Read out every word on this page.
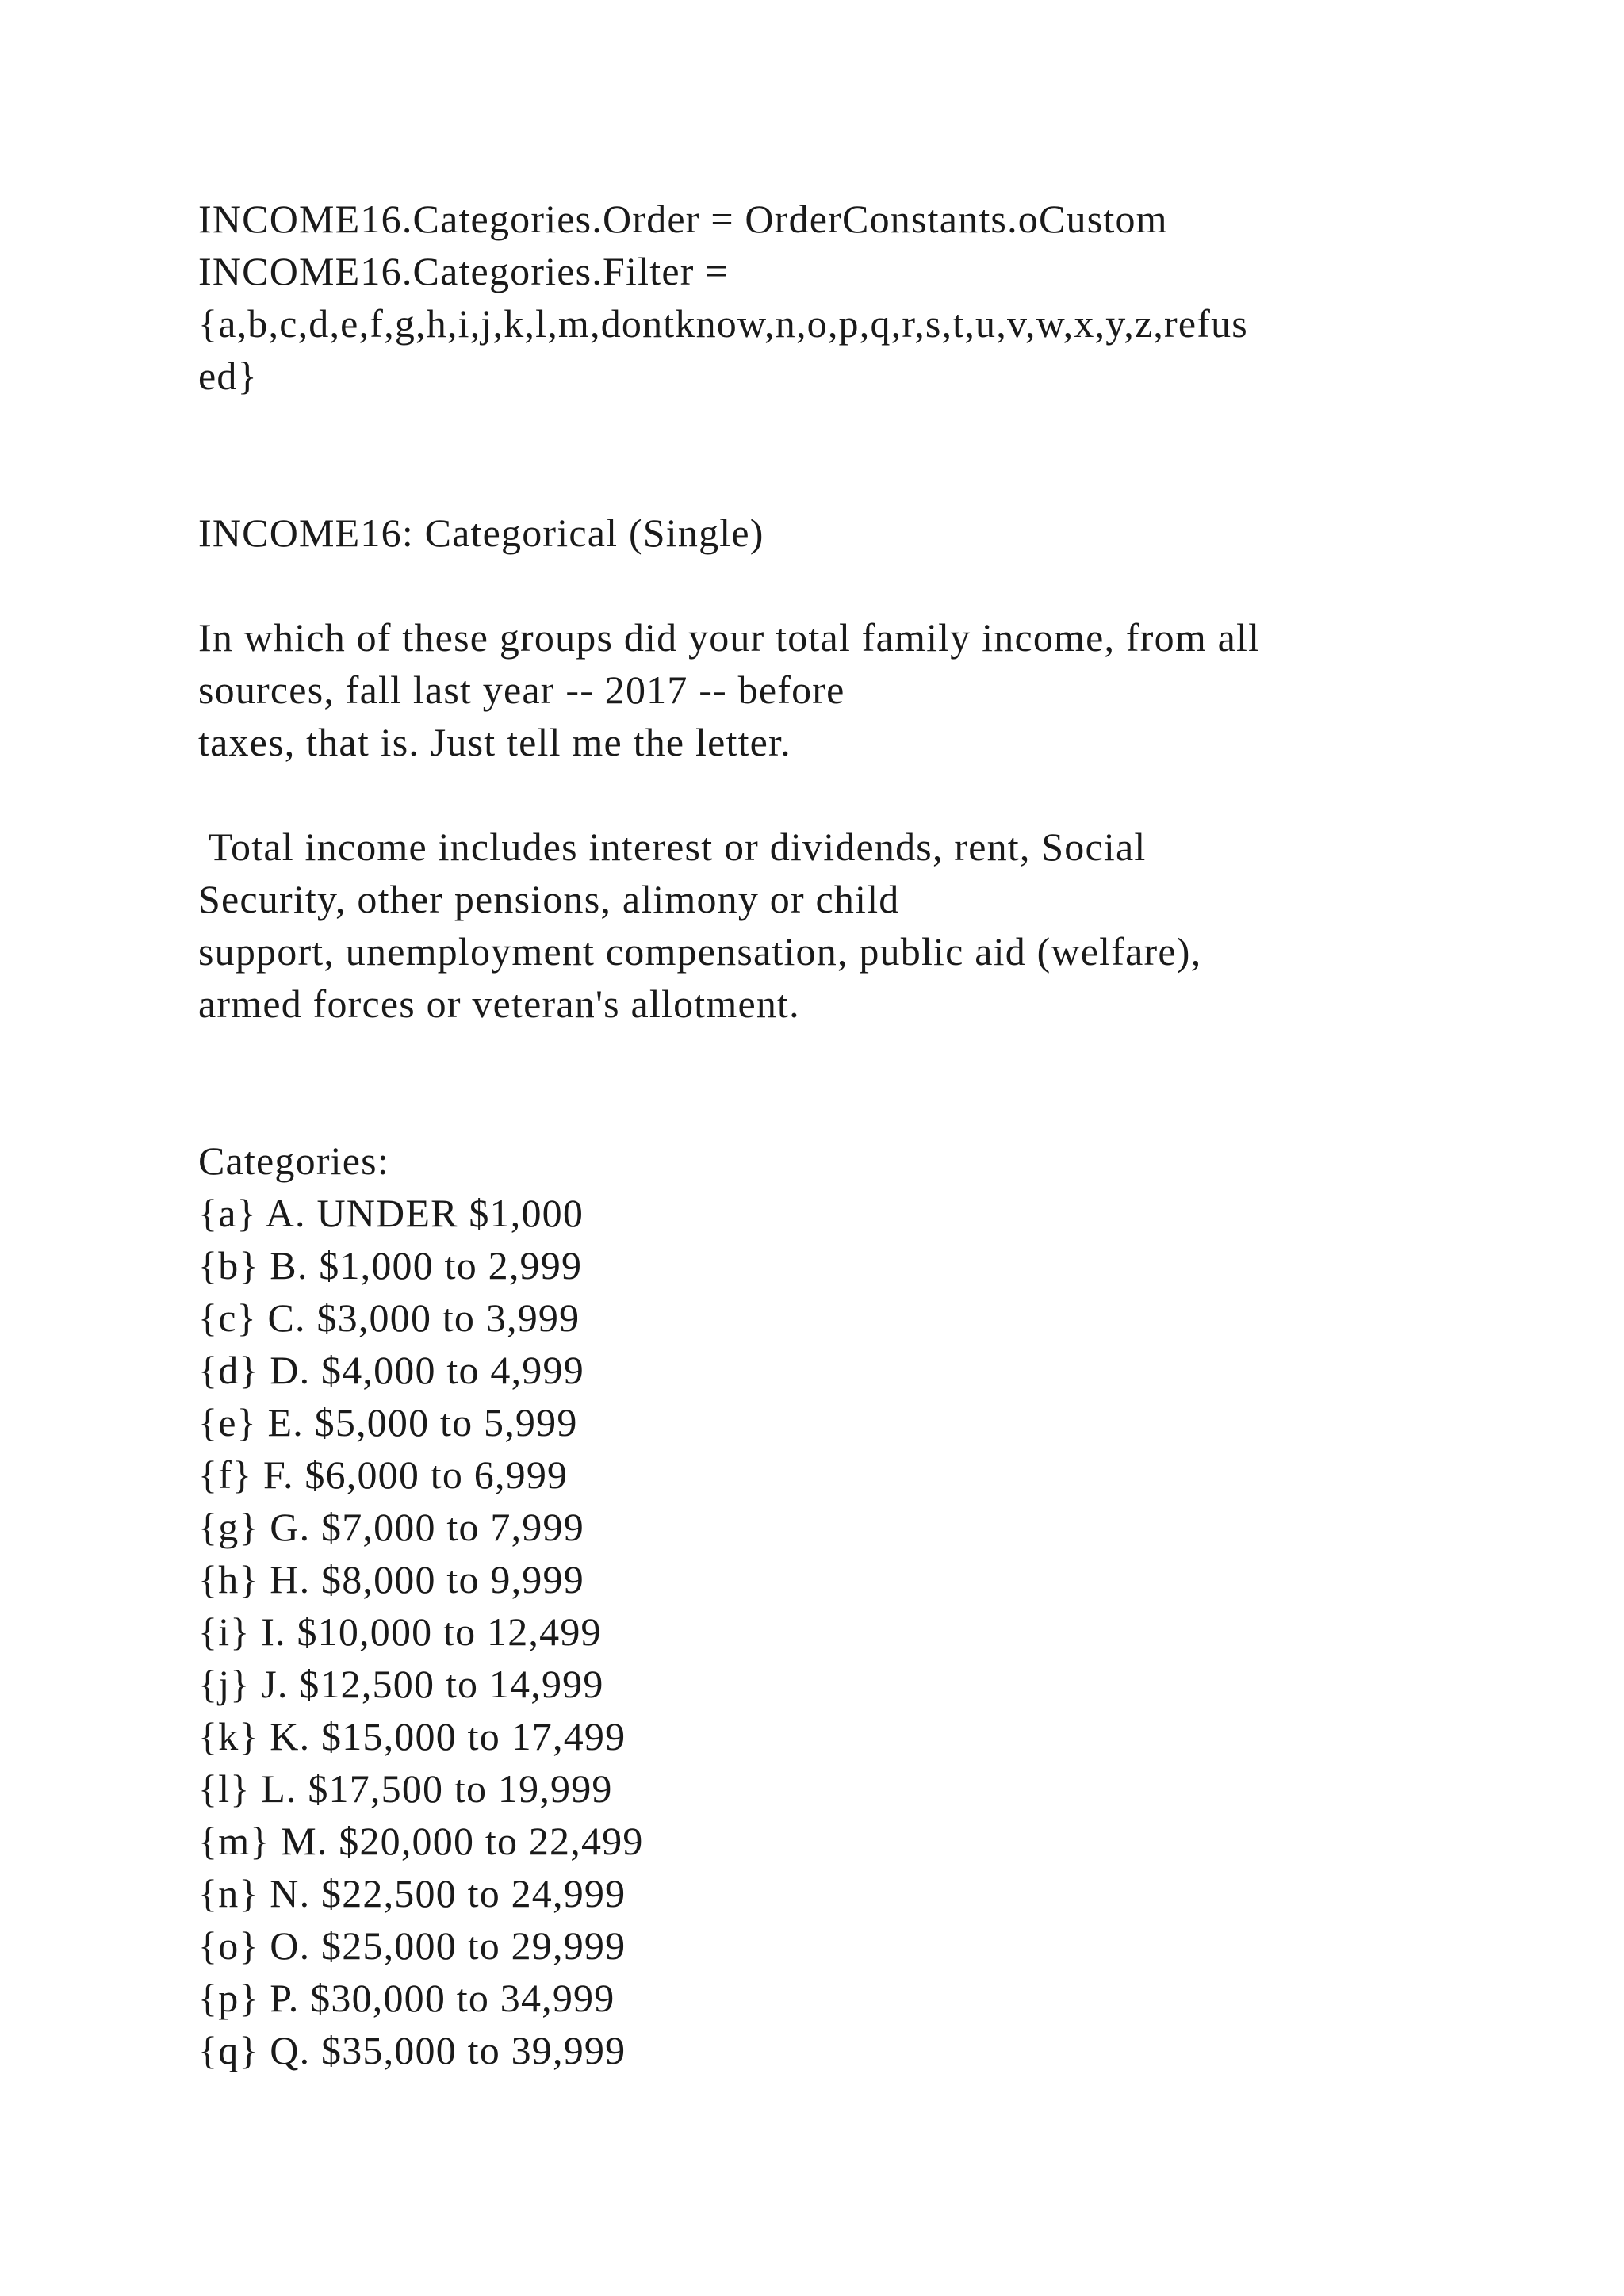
INCOME16.Categories.Order = OrderConstants.oCustom
INCOME16.Categories.Filter =
{a,b,c,d,e,f,g,h,i,j,k,l,m,dontknow,n,o,p,q,r,s,t,u,v,w,x,y,z,refus
ed}
INCOME16: Categorical (Single)
In which of these groups did your total family income, from all
sources, fall last year -- 2017 -- before
taxes, that is. Just tell me the letter.
Total income includes interest or dividends, rent, Social
Security, other pensions, alimony or child
support, unemployment compensation, public aid (welfare),
armed forces or veteran's allotment.
Categories:
{a} A. UNDER $1,000
{b} B. $1,000 to 2,999
{c} C. $3,000 to 3,999
{d} D. $4,000 to 4,999
{e} E. $5,000 to 5,999
{f} F. $6,000 to 6,999
{g} G. $7,000 to 7,999
{h} H. $8,000 to 9,999
{i} I. $10,000 to 12,499
{j} J. $12,500 to 14,999
{k} K. $15,000 to 17,499
{l} L. $17,500 to 19,999
{m} M. $20,000 to 22,499
{n} N. $22,500 to 24,999
{o} O. $25,000 to 29,999
{p} P. $30,000 to 34,999
{q} Q. $35,000 to 39,999
